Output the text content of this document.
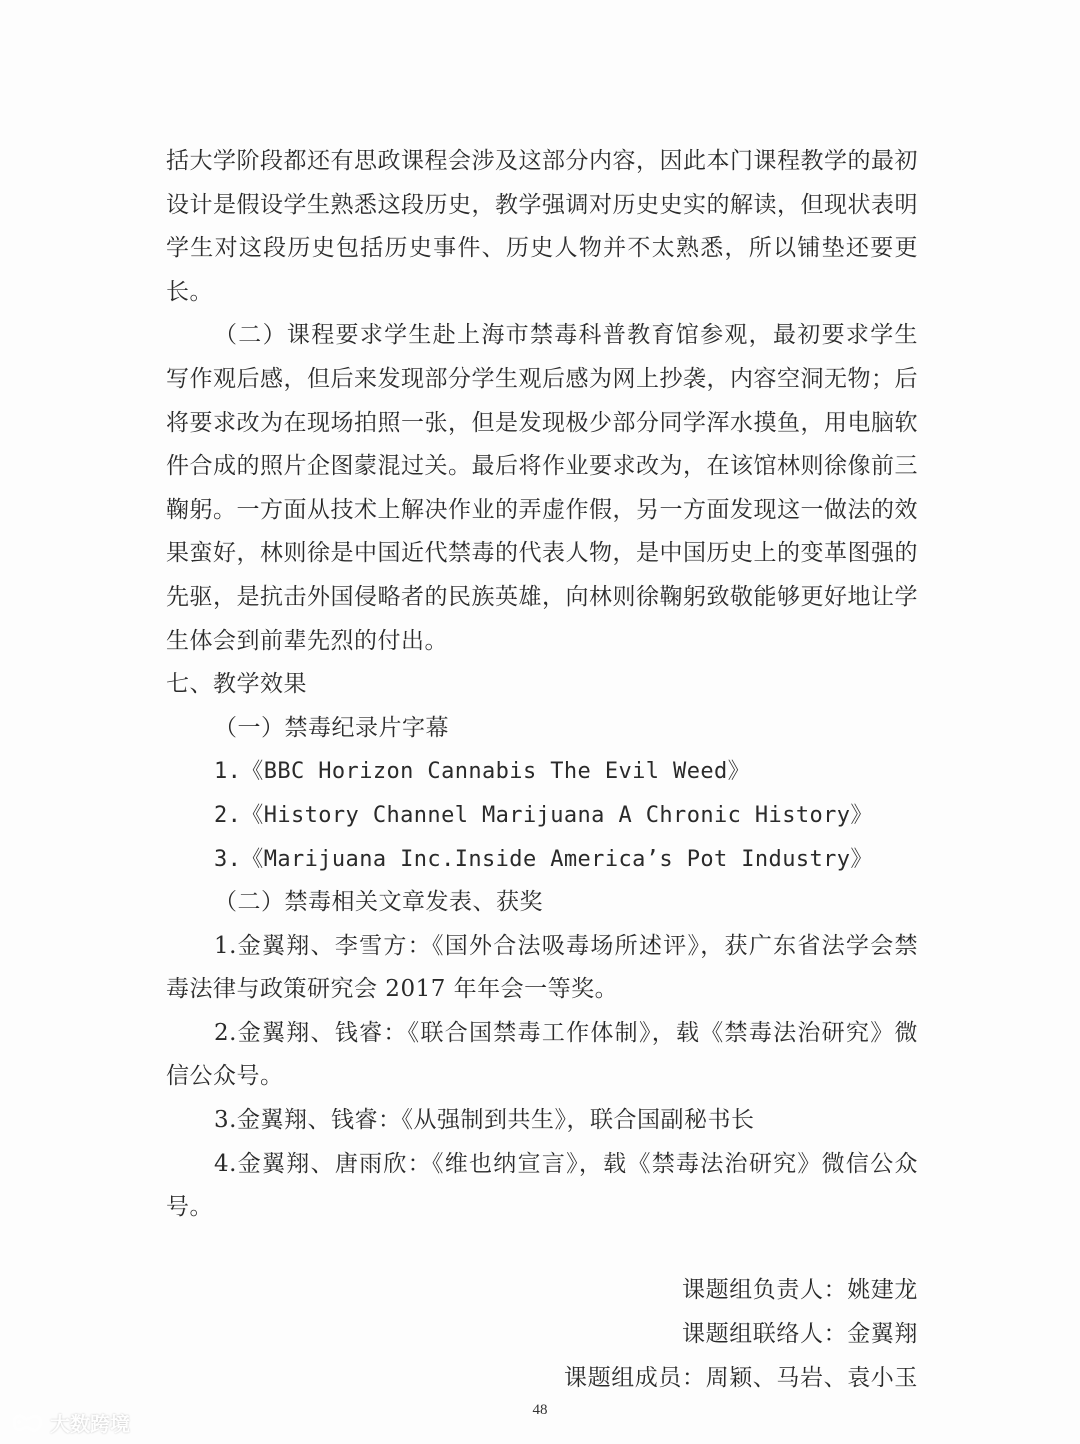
括大学阶段都还有思政课程会涉及这部分内容，因此本门课程教学的最初设计是假设学生熟悉这段历史，教学强调对历史史实的解读，但现状表明学生对这段历史包括历史事件、历史人物并不太熟悉，所以铺垫还要更长。

（二）课程要求学生赴上海市禁毒科普教育馆参观，最初要求学生写作观后感，但后来发现部分学生观后感为网上抄袭，内容空洞无物；后将要求改为在现场拍照一张，但是发现极少部分同学浑水摸鱼，用电脑软件合成的照片企图蒙混过关。最后将作业要求改为，在该馆林则徐像前三鞠躬。一方面从技术上解决作业的弄虚作假，另一方面发现这一做法的效果蛮好，林则徐是中国近代禁毒的代表人物，是中国历史上的变革图强的先驱，是抗击外国侵略者的民族英雄，向林则徐鞠躬致敬能够更好地让学生体会到前辈先烈的付出。

七、教学效果

（一）禁毒纪录片字幕

1.《BBC Horizon Cannabis The Evil Weed》

2.《History Channel Marijuana A Chronic History》

3.《Marijuana Inc.Inside America’s Pot Industry》

（二）禁毒相关文章发表、获奖

1.金翼翔、李雪方：《国外合法吸毒场所述评》，获广东省法学会禁毒法律与政策研究会 2017 年年会一等奖。

2.金翼翔、钱睿：《联合国禁毒工作体制》，载《禁毒法治研究》微信公众号。

3.金翼翔、钱睿：《从强制到共生》，联合国副秘书长

4.金翼翔、唐雨欣：《维也纳宣言》，载《禁毒法治研究》微信公众号。

课题组负责人：姚建龙
课题组联络人：金翼翔
课题组成员：周颖、马岩、袁小玉
48
大数跨境
